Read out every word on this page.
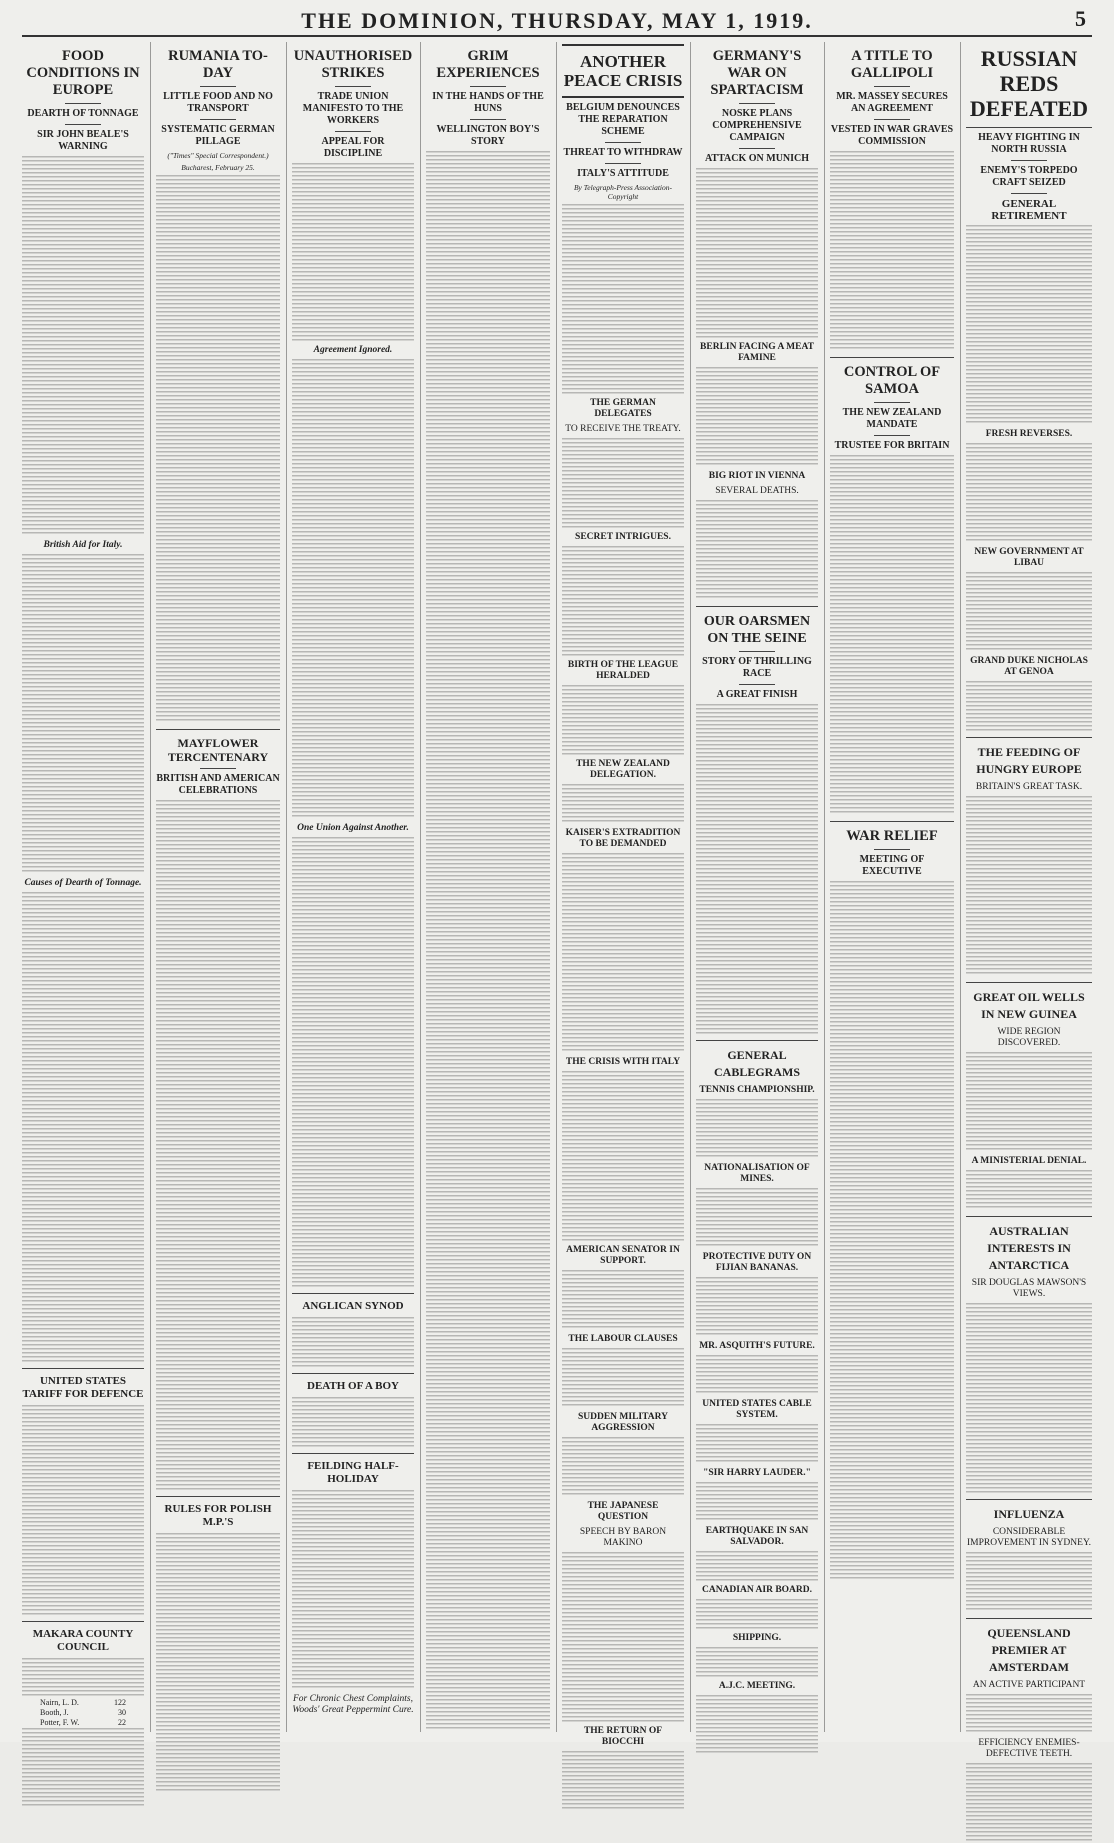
THE DOMINION, THURSDAY, MAY 1, 1919.	5
FOOD CONDITIONS IN EUROPE
DEARTH OF TONNAGE
SIR JOHN BEALE'S WARNING
British Aid for Italy.
Causes of Dearth of Tonnage.
UNITED STATES TARIFF FOR DEFENCE
MAKARA COUNTY COUNCIL
Nairn, L. D.	122
Booth, J.	30
Potter, F. W.	22
RUMANIA TO-DAY
LITTLE FOOD AND NO TRANSPORT
SYSTEMATIC GERMAN PILLAGE
("Times" Special Correspondent.)
Bucharest, February 25.
MAYFLOWER TERCENTENARY
BRITISH AND AMERICAN CELEBRATIONS
RULES FOR POLISH M.P.'S
UNAUTHORISED STRIKES
TRADE UNION MANIFESTO TO THE WORKERS
APPEAL FOR DISCIPLINE
Agreement Ignored.
One Union Against Another.
ANGLICAN SYNOD
DEATH OF A BOY
FEILDING HALF-HOLIDAY
For Chronic Chest Complaints, Woods' Great Peppermint Cure.
GRIM EXPERIENCES
IN THE HANDS OF THE HUNS
WELLINGTON BOY'S STORY
ANOTHER PEACE CRISIS
BELGIUM DENOUNCES THE REPARATION SCHEME
THREAT TO WITHDRAW
ITALY'S ATTITUDE
By Telegraph-Press Association-Copyright
THE GERMAN DELEGATES
TO RECEIVE THE TREATY.
SECRET INTRIGUES.
BIRTH OF THE LEAGUE HERALDED
THE NEW ZEALAND DELEGATION.
KAISER'S EXTRADITION TO BE DEMANDED
THE CRISIS WITH ITALY
AMERICAN SENATOR IN SUPPORT.
THE LABOUR CLAUSES
SUDDEN MILITARY AGGRESSION
THE JAPANESE QUESTION
SPEECH BY BARON MAKINO
THE RETURN OF BIOCCHI
GERMANY'S WAR ON SPARTACISM
NOSKE PLANS COMPREHENSIVE CAMPAIGN
ATTACK ON MUNICH
BERLIN FACING A MEAT FAMINE
BIG RIOT IN VIENNA
SEVERAL DEATHS.
OUR OARSMEN ON THE SEINE
STORY OF THRILLING RACE
A GREAT FINISH
GENERAL CABLEGRAMS
TENNIS CHAMPIONSHIP.
NATIONALISATION OF MINES.
PROTECTIVE DUTY ON FIJIAN BANANAS.
MR. ASQUITH'S FUTURE.
UNITED STATES CABLE SYSTEM.
"SIR HARRY LAUDER."
EARTHQUAKE IN SAN SALVADOR.
CANADIAN AIR BOARD.
SHIPPING.
A.J.C. MEETING.
A TITLE TO GALLIPOLI
MR. MASSEY SECURES AN AGREEMENT
VESTED IN WAR GRAVES COMMISSION
CONTROL OF SAMOA
THE NEW ZEALAND MANDATE
TRUSTEE FOR BRITAIN
WAR RELIEF
MEETING OF EXECUTIVE
RUSSIAN REDS DEFEATED
HEAVY FIGHTING IN NORTH RUSSIA
ENEMY'S TORPEDO CRAFT SEIZED
GENERAL RETIREMENT
FRESH REVERSES.
NEW GOVERNMENT AT LIBAU
GRAND DUKE NICHOLAS AT GENOA
THE FEEDING OF HUNGRY EUROPE
BRITAIN'S GREAT TASK.
GREAT OIL WELLS IN NEW GUINEA
WIDE REGION DISCOVERED.
A MINISTERIAL DENIAL.
AUSTRALIAN INTERESTS IN ANTARCTICA
SIR DOUGLAS MAWSON'S VIEWS.
INFLUENZA
CONSIDERABLE IMPROVEMENT IN SYDNEY.
QUEENSLAND PREMIER AT AMSTERDAM
AN ACTIVE PARTICIPANT
EFFICIENCY ENEMIES- DEFECTIVE TEETH.
